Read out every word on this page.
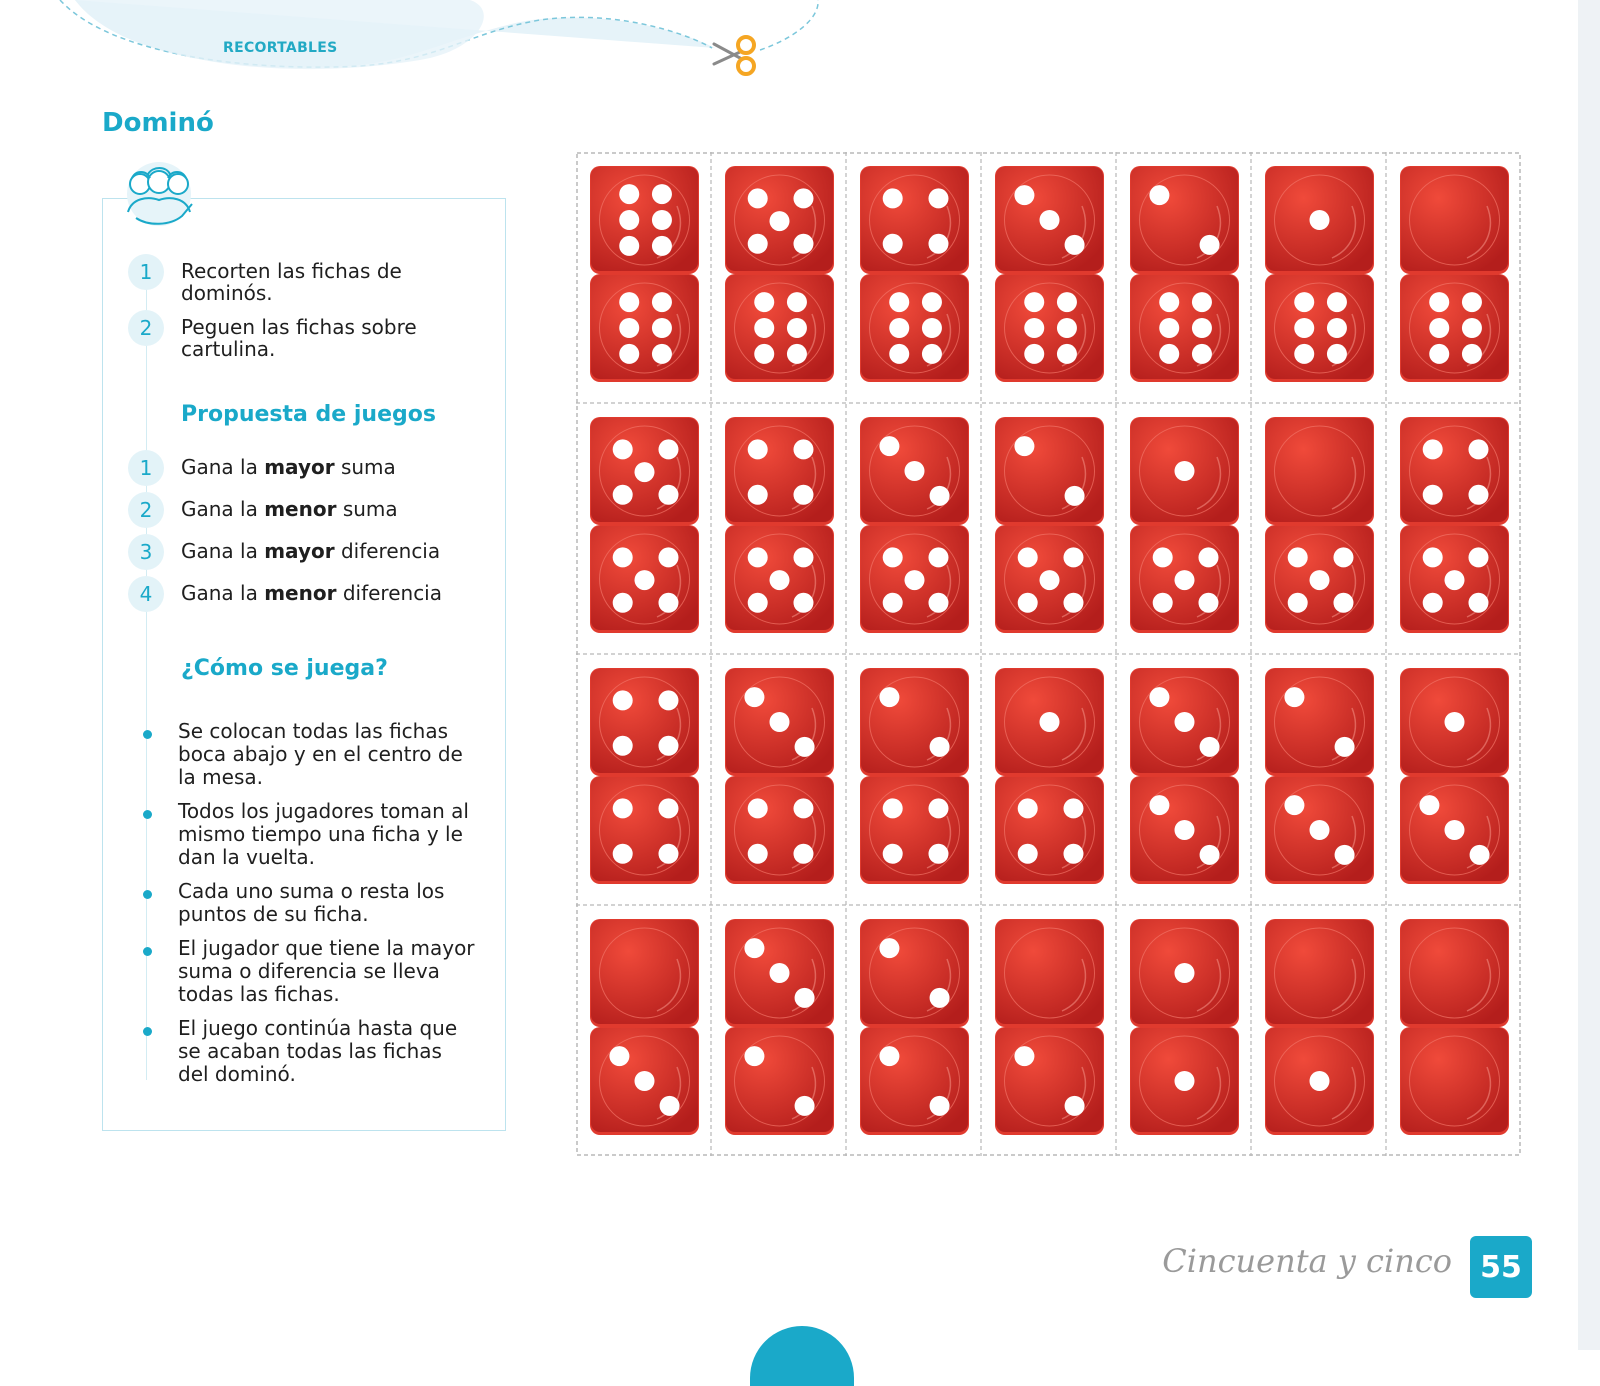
RECORTABLES
Dominó
1	Recorten las fichas de dominós.
2	Peguen las fichas sobre cartulina.
Propuesta de juegos
1	Gana la mayor suma
2	Gana la menor suma
3	Gana la mayor diferencia
4	Gana la menor diferencia
¿Cómo se juega?
Se colocan todas las fichas boca abajo y en el centro de la mesa.
Todos los jugadores toman al mismo tiempo una ficha y le dan la vuelta.
Cada uno suma o resta los puntos de su ficha.
El jugador que tiene la mayor suma o diferencia se lleva todas las fichas.
El juego continúa hasta que se acaban todas las fichas del dominó.
Cincuenta y cinco 55
